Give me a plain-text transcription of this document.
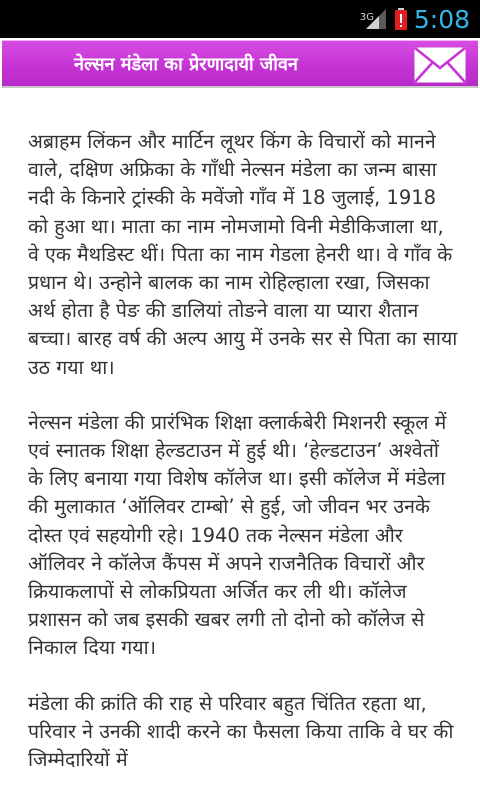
3G 5:08
नेल्सन मंडेला का प्रेरणादायी जीवन

अब्राहम लिंकन और मार्टिन लूथर किंग के विचारों को मानने वाले, दक्षिण अफ्रिका के गाँधी नेल्सन मंडेला का जन्म बासा नदी के किनारे ट्रांस्की के मवेंजो गाँव में 18 जुलाई, 1918 को हुआ था। माता का नाम नोमजामो विनी मेडीकिजाला था, वे एक मैथडिस्ट थीं। पिता का नाम गेडला हेनरी था। वे गाँव के प्रधान थे। उन्होने बालक का नाम रोहिल्हाला रखा, जिसका अर्थ होता है पेङ की डालियां तोङने वाला या प्यारा शैतान बच्चा। बारह वर्ष की अल्प आयु में उनके सर से पिता का साया उठ गया था।

नेल्सन मंडेला की प्रारंभिक शिक्षा क्लार्कबेरी मिशनरी स्कूल में एवं स्नातक शिक्षा हेल्डटाउन में हुई थी। ‘हेल्डटाउन’ अश्वेतों के लिए बनाया गया विशेष कॉलेज था। इसी कॉलेज में मंडेला की मुलाकात ‘ऑलिवर टाम्बो’ से हुई, जो जीवन भर उनके दोस्त एवं सहयोगी रहे। 1940 तक नेल्सन मंडेला और ऑलिवर ने कॉलेज कैंपस में अपने राजनैतिक विचारों और क्रियाकलापों से लोकप्रियता अर्जित कर ली थी। कॉलेज प्रशासन को जब इसकी खबर लगी तो दोनो को कॉलेज से निकाल दिया गया।

मंडेला की क्रांति की राह से परिवार बहुत चिंतित रहता था, परिवार ने उनकी शादी करने का फैसला किया ताकि वे घर की जिम्मेदारियों में
